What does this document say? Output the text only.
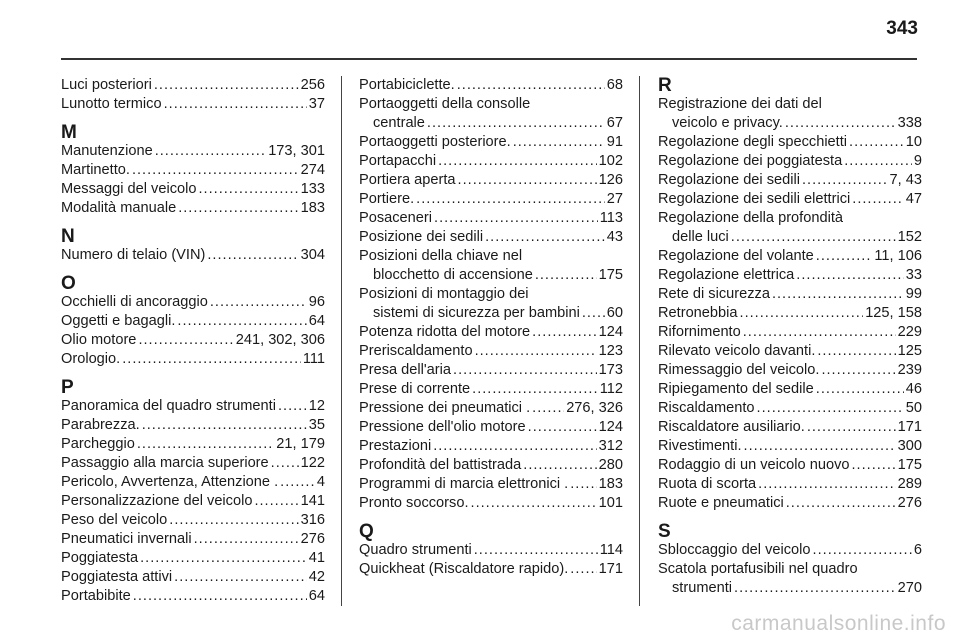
343
Luci posteriori .....	256
Lunotto termico .....	37
M
Manutenzione .....	173, 301
Martinetto. .....	274
Messaggi del veicolo .....	133
Modalità manuale .....	183
N
Numero di telaio (VIN) .....	304
O
Occhielli di ancoraggio .....	96
Oggetti e bagagli. .....	64
Olio motore .....	241, 302, 306
Orologio. .....	111
P
Panoramica del quadro strumenti ..... 12
Parabrezza. .....	35
Parcheggio .....	21, 179
Passaggio alla marcia superiore ..... 122
Pericolo, Avvertenza, Attenzione . .....	4
Personalizzazione del veicolo .....	141
Peso del veicolo .....	316
Pneumatici invernali .....	276
Poggiatesta .....	41
Poggiatesta attivi .....	42
Portabibite .....	64
Portabiciclette. .....	68
Portaoggetti della consolle
centrale .....	67
Portaoggetti posteriore. .....	91
Portapacchi .....	102
Portiera aperta .....	126
Portiere. .....	27
Posaceneri .....	113
Posizione dei sedili .....	43
Posizioni della chiave nel
blocchetto di accensione .....	175
Posizioni di montaggio dei
sistemi di sicurezza per bambini ..... 60
Potenza ridotta del motore .....	124
Preriscaldamento .....	123
Presa dell'aria .....	173
Prese di corrente .....	112
Pressione dei pneumatici . ..... 276, 326
Pressione dell'olio motore .....	124
Prestazioni .....	312
Profondità del battistrada .....	280
Programmi di marcia elettronici . ..... 183
Pronto soccorso. .....	101
Q
Quadro strumenti .....	114
Quickheat (Riscaldatore rapido). ..... 171
R
Registrazione dei dati del
veicolo e privacy. .....	338
Regolazione degli specchietti .....	10
Regolazione dei poggiatesta .....	9
Regolazione dei sedili .....	7, 43
Regolazione dei sedili elettrici .....	47
Regolazione della profondità
delle luci .....	152
Regolazione del volante .....	11, 106
Regolazione elettrica .....	33
Rete di sicurezza .....	99
Retronebbia .....	125, 158
Rifornimento .....	229
Rilevato veicolo davanti. .....	125
Rimessaggio del veicolo. .....	239
Ripiegamento del sedile .....	46
Riscaldamento .....	50
Riscaldatore ausiliario. .....	171
Rivestimenti. .....	300
Rodaggio di un veicolo nuovo .....	175
Ruota di scorta .....	289
Ruote e pneumatici .....	276
S
Sbloccaggio del veicolo .....	6
Scatola portafusibili nel quadro
strumenti .....	270
carmanualsonline.info
